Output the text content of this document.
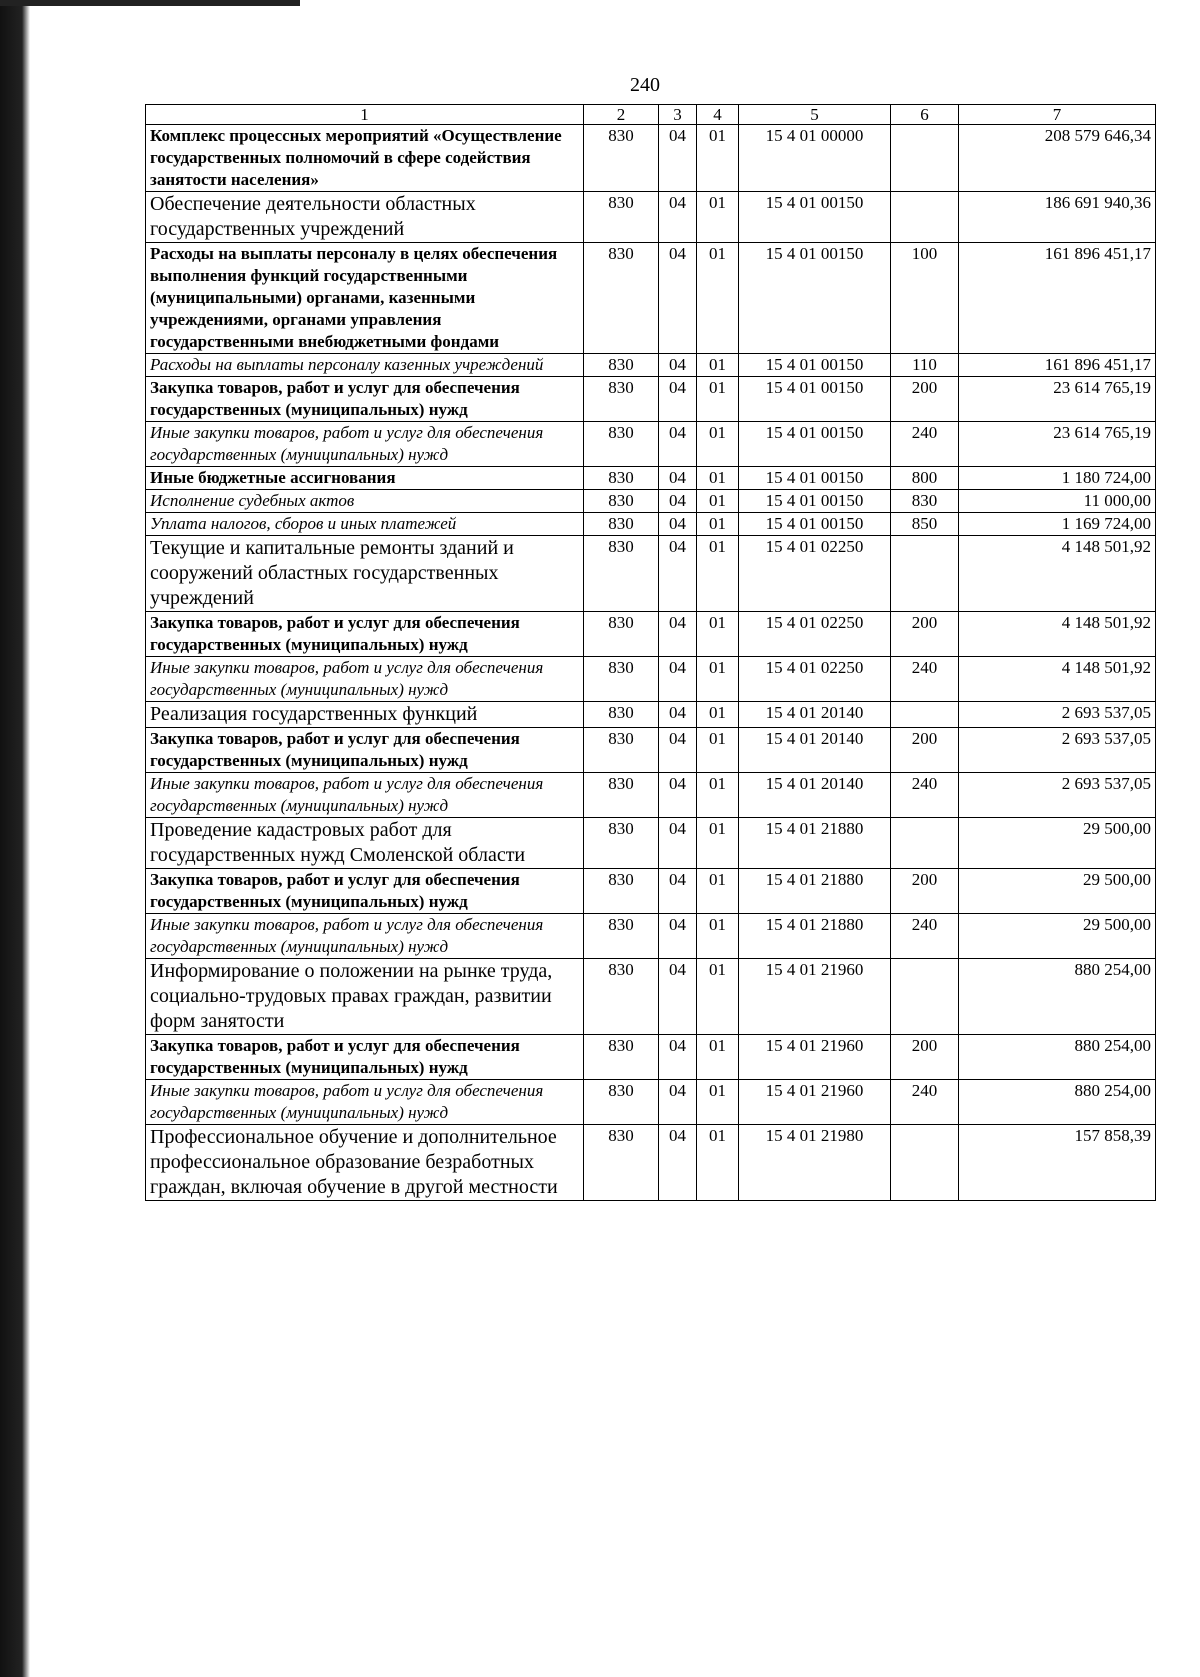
240
1	2	3	4	5	6	7
Комплекс процессных мероприятий «Осуществление государственных полномочий в сфере содействия занятости населения»	830	04	01	15 4 01 00000		208 579 646,34
Обеспечение деятельности областных государственных учреждений	830	04	01	15 4 01 00150		186 691 940,36
Расходы на выплаты персоналу в целях обеспечения выполнения функций государственными (муниципальными) органами, казенными учреждениями, органами управления государственными внебюджетными фондами	830	04	01	15 4 01 00150	100	161 896 451,17
Расходы на выплаты персоналу казенных учреждений	830	04	01	15 4 01 00150	110	161 896 451,17
Закупка товаров, работ и услуг для обеспечения государственных (муниципальных) нужд	830	04	01	15 4 01 00150	200	23 614 765,19
Иные закупки товаров, работ и услуг для обеспечения государственных (муниципальных) нужд	830	04	01	15 4 01 00150	240	23 614 765,19
Иные бюджетные ассигнования	830	04	01	15 4 01 00150	800	1 180 724,00
Исполнение судебных актов	830	04	01	15 4 01 00150	830	11 000,00
Уплата налогов, сборов и иных платежей	830	04	01	15 4 01 00150	850	1 169 724,00
Текущие и капитальные ремонты зданий и сооружений областных государственных учреждений	830	04	01	15 4 01 02250		4 148 501,92
Закупка товаров, работ и услуг для обеспечения государственных (муниципальных) нужд	830	04	01	15 4 01 02250	200	4 148 501,92
Иные закупки товаров, работ и услуг для обеспечения государственных (муниципальных) нужд	830	04	01	15 4 01 02250	240	4 148 501,92
Реализация государственных функций	830	04	01	15 4 01 20140		2 693 537,05
Закупка товаров, работ и услуг для обеспечения государственных (муниципальных) нужд	830	04	01	15 4 01 20140	200	2 693 537,05
Иные закупки товаров, работ и услуг для обеспечения государственных (муниципальных) нужд	830	04	01	15 4 01 20140	240	2 693 537,05
Проведение кадастровых работ для государственных нужд Смоленской области	830	04	01	15 4 01 21880		29 500,00
Закупка товаров, работ и услуг для обеспечения государственных (муниципальных) нужд	830	04	01	15 4 01 21880	200	29 500,00
Иные закупки товаров, работ и услуг для обеспечения государственных (муниципальных) нужд	830	04	01	15 4 01 21880	240	29 500,00
Информирование о положении на рынке труда, социально-трудовых правах граждан, развитии форм занятости	830	04	01	15 4 01 21960		880 254,00
Закупка товаров, работ и услуг для обеспечения государственных (муниципальных) нужд	830	04	01	15 4 01 21960	200	880 254,00
Иные закупки товаров, работ и услуг для обеспечения государственных (муниципальных) нужд	830	04	01	15 4 01 21960	240	880 254,00
Профессиональное обучение и дополнительное профессиональное образование безработных граждан, включая обучение в другой местности	830	04	01	15 4 01 21980		157 858,39
